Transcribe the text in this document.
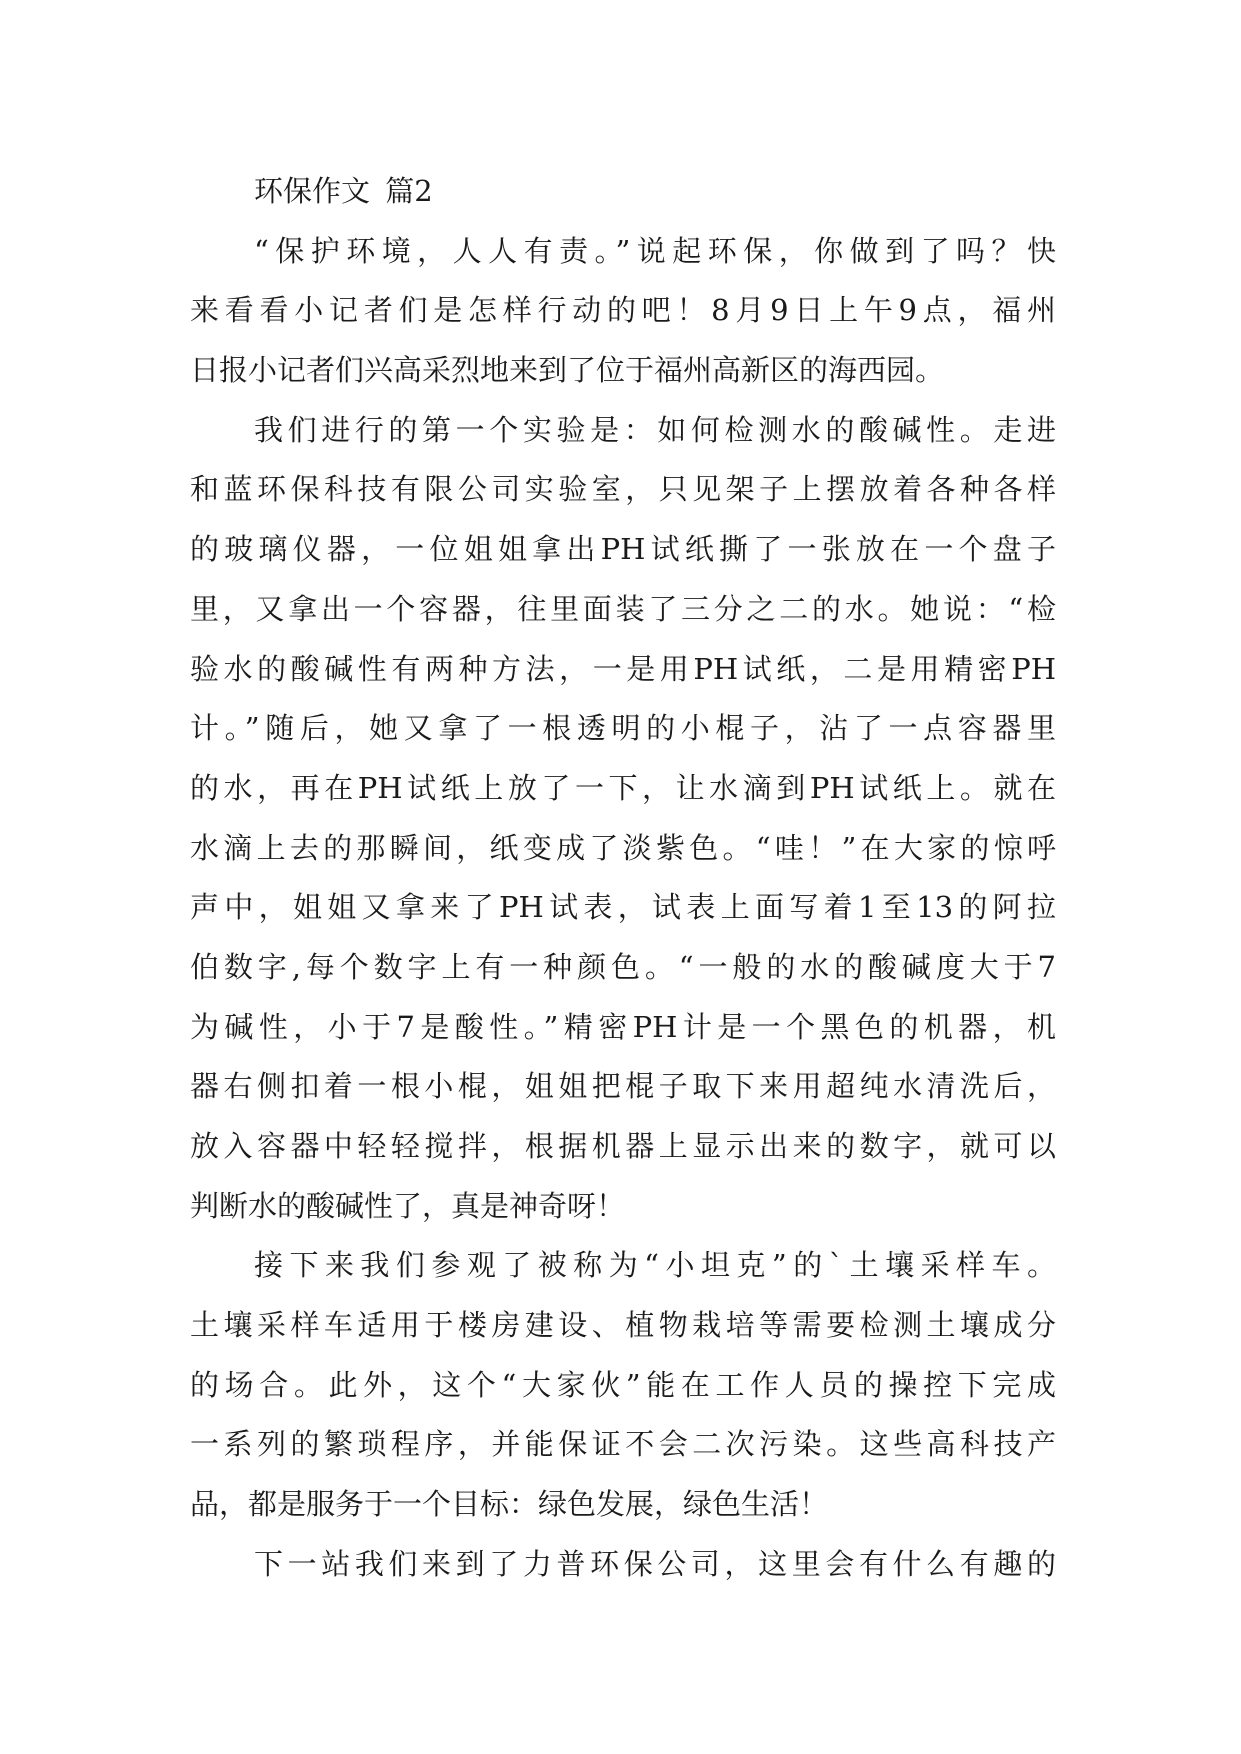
环保作文 篇2
“保护环境，人人有责。”说起环保，你做到了吗？快
来看看小记者们是怎样行动的吧！8月9日上午9点，福州
日报小记者们兴高采烈地来到了位于福州高新区的海西园。
我们进行的第一个实验是：如何检测水的酸碱性。走进
和蓝环保科技有限公司实验室，只见架子上摆放着各种各样
的玻璃仪器，一位姐姐拿出PH试纸撕了一张放在一个盘子
里，又拿出一个容器，往里面装了三分之二的水。她说：“检
验水的酸碱性有两种方法，一是用PH试纸，二是用精密PH
计。”随后，她又拿了一根透明的小棍子，沾了一点容器里
的水，再在PH试纸上放了一下，让水滴到PH试纸上。就在
水滴上去的那瞬间，纸变成了淡紫色。“哇！”在大家的惊呼
声中，姐姐又拿来了PH试表，试表上面写着1至13的阿拉
伯数字,每个数字上有一种颜色。“一般的水的酸碱度大于7
为碱性，小于7是酸性。”精密PH计是一个黑色的机器，机
器右侧扣着一根小棍，姐姐把棍子取下来用超纯水清洗后，
放入容器中轻轻搅拌，根据机器上显示出来的数字，就可以
判断水的酸碱性了，真是神奇呀！
接下来我们参观了被称为“小坦克”的`土壤采样车。
土壤采样车适用于楼房建设、植物栽培等需要检测土壤成分
的场合。此外，这个“大家伙”能在工作人员的操控下完成
一系列的繁琐程序，并能保证不会二次污染。这些高科技产
品，都是服务于一个目标：绿色发展，绿色生活！
下一站我们来到了力普环保公司，这里会有什么有趣的
